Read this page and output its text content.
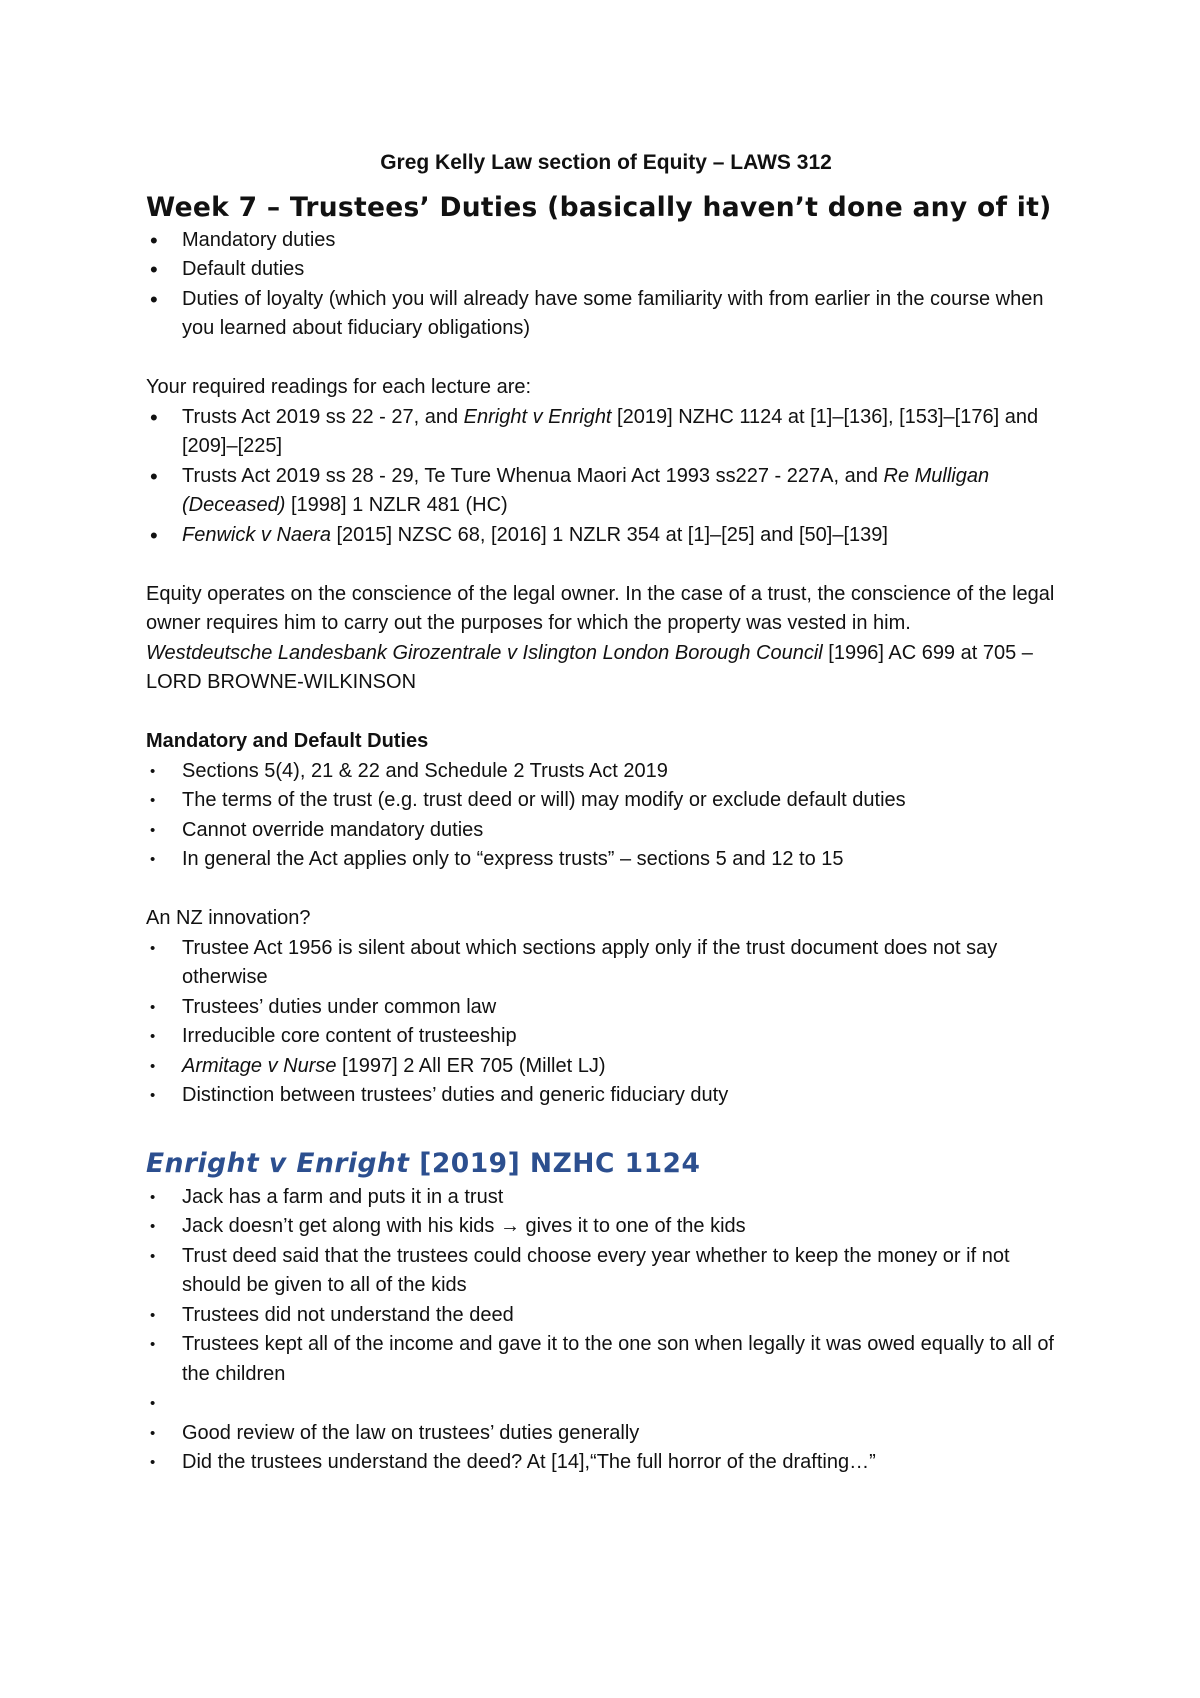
Greg Kelly Law section of Equity – LAWS 312

Week 7 – Trustees’ Duties (basically haven’t done any of it)
• Mandatory duties
• Default duties
• Duties of loyalty (which you will already have some familiarity with from earlier in the course when you learned about fiduciary obligations)

Your required readings for each lecture are:

• Trusts Act 2019 ss 22 - 27, and Enright v Enright [2019] NZHC 1124 at [1]–[136], [153]–[176] and [209]–[225]
• Trusts Act 2019 ss 28 - 29, Te Ture Whenua Maori Act 1993 ss227 - 227A, and Re Mulligan (Deceased) [1998] 1 NZLR 481 (HC)
• Fenwick v Naera [2015] NZSC 68, [2016] 1 NZLR 354 at [1]–[25] and [50]–[139]

Equity operates on the conscience of the legal owner. In the case of a trust, the conscience of the legal owner requires him to carry out the purposes for which the property was vested in him.

Westdeutsche Landesbank Girozentrale v Islington London Borough Council [1996] AC 699 at 705 – LORD BROWNE-WILKINSON

Mandatory and Default Duties

• Sections 5(4), 21 & 22 and Schedule 2 Trusts Act 2019
• The terms of the trust (e.g. trust deed or will) may modify or exclude default duties
• Cannot override mandatory duties
• In general the Act applies only to “express trusts” – sections 5 and 12 to 15

An NZ innovation?

• Trustee Act 1956 is silent about which sections apply only if the trust document does not say otherwise
• Trustees’ duties under common law
• Irreducible core content of trusteeship
• Armitage v Nurse [1997] 2 All ER 705 (Millet LJ)
• Distinction between trustees’ duties and generic fiduciary duty
Enright v Enright [2019] NZHC 1124
• Jack has a farm and puts it in a trust
• Jack doesn’t get along with his kids → gives it to one of the kids
• Trust deed said that the trustees could choose every year whether to keep the money or if not should be given to all of the kids
• Trustees did not understand the deed
• Trustees kept all of the income and gave it to the one son when legally it was owed equally to all of the children
•
• Good review of the law on trustees’ duties generally
• Did the trustees understand the deed? At [14],“The full horror of the drafting…”
